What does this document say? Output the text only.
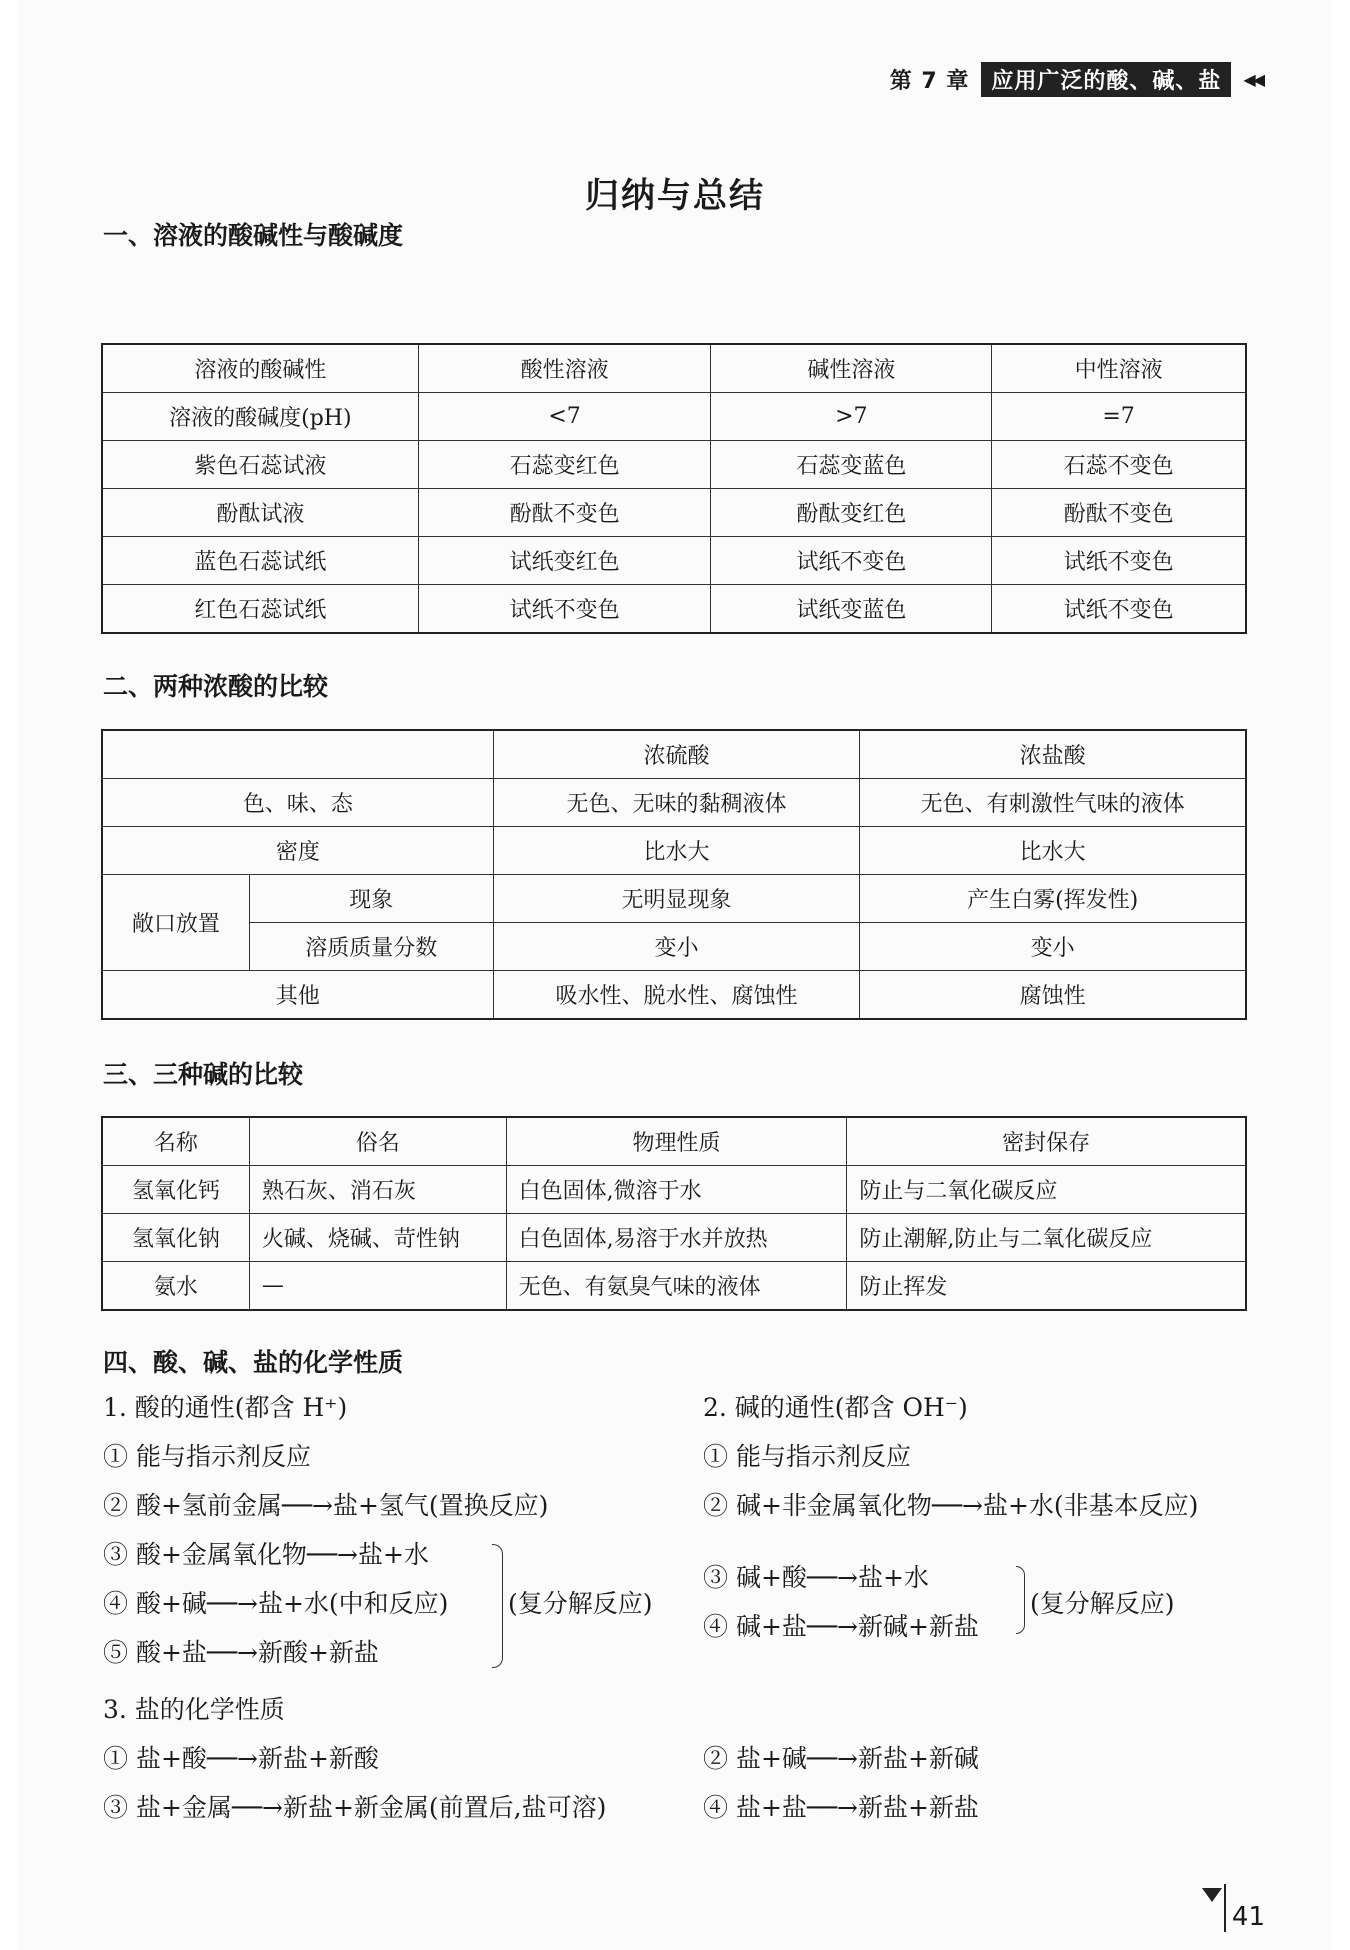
第 7 章	应用广泛的酸、碱、盐	◀◀
归纳与总结
一、溶液的酸碱性与酸碱度
溶液的酸碱性	酸性溶液	碱性溶液	中性溶液
溶液的酸碱度(pH)	<7	>7	=7
紫色石蕊试液	石蕊变红色	石蕊变蓝色	石蕊不变色
酚酞试液	酚酞不变色	酚酞变红色	酚酞不变色
蓝色石蕊试纸	试纸变红色	试纸不变色	试纸不变色
红色石蕊试纸	试纸不变色	试纸变蓝色	试纸不变色
二、两种浓酸的比较
		浓硫酸	浓盐酸
色、味、态		无色、无味的黏稠液体	无色、有刺激性气味的液体
密度		比水大	比水大
敞口放置	现象	无明显现象	产生白雾(挥发性)
	溶质质量分数	变小	变小
其他		吸水性、脱水性、腐蚀性	腐蚀性
三、三种碱的比较
名称	俗名	物理性质	密封保存
氢氧化钙	熟石灰、消石灰	白色固体,微溶于水	防止与二氧化碳反应
氢氧化钠	火碱、烧碱、苛性钠	白色固体,易溶于水并放热	防止潮解,防止与二氧化碳反应
氨水	—	无色、有氨臭气味的液体	防止挥发
四、酸、碱、盐的化学性质
1. 酸的通性(都含 H⁺)
① 能与指示剂反应
② 酸+氢前金属──→盐+氢气(置换反应)
③ 酸+金属氧化物──→盐+水
④ 酸+碱──→盐+水(中和反应)
⑤ 酸+盐──→新酸+新盐
(复分解反应)
2. 碱的通性(都含 OH⁻)
① 能与指示剂反应
② 碱+非金属氧化物──→盐+水(非基本反应)
③ 碱+酸──→盐+水
④ 碱+盐──→新碱+新盐
(复分解反应)
3. 盐的化学性质
① 盐+酸──→新盐+新酸
③ 盐+金属──→新盐+新金属(前置后,盐可溶)
② 盐+碱──→新盐+新碱
④ 盐+盐──→新盐+新盐
41
